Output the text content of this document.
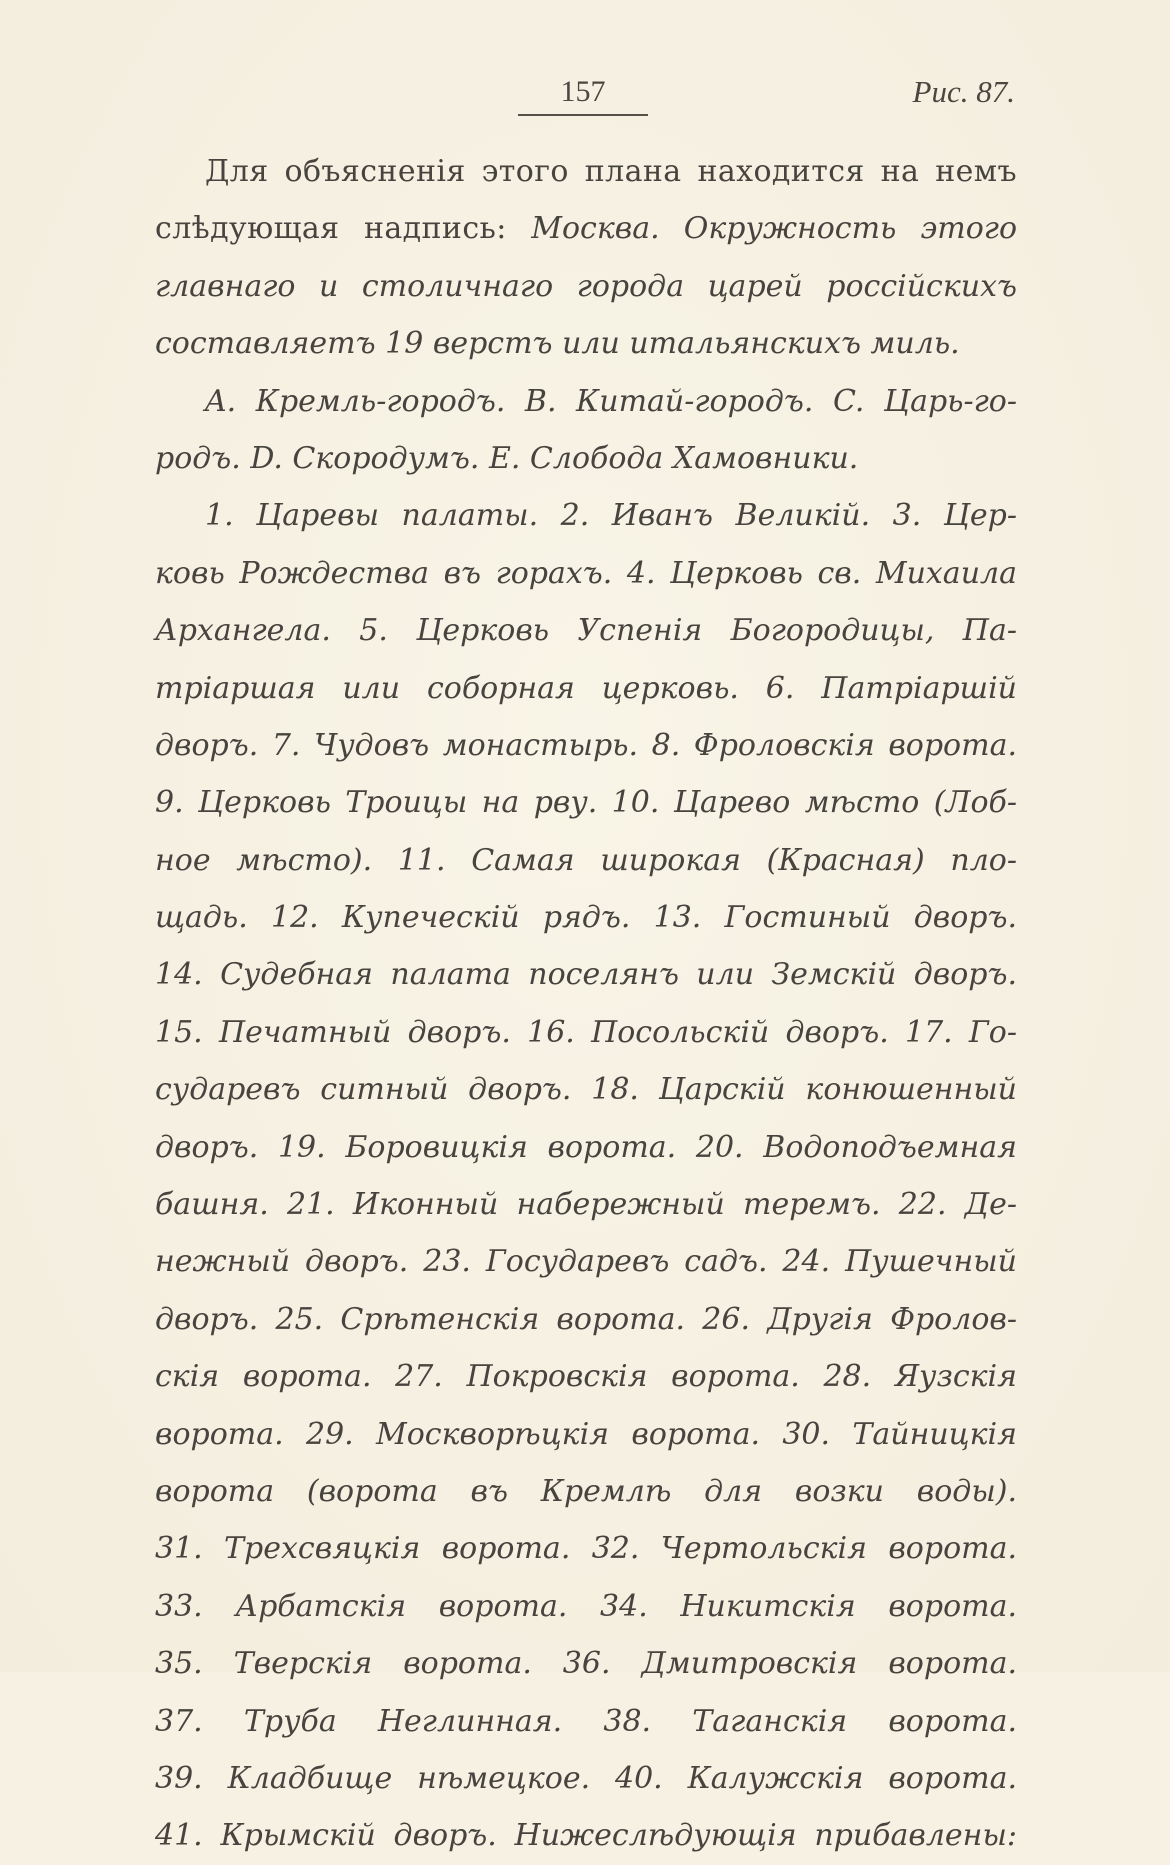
157	Рис. 87.
Для объясненія этого плана находится на немъ
слѣдующая надпись: Москва. Окружность этого
главнаго и столичнаго города царей россійскихъ
составляетъ 19 верстъ или итальянскихъ миль.
A. Кремль-городъ. B. Китай-городъ. C. Царь-го-
родъ. D. Скородумъ. E. Слобода Хамовники.
1. Царевы палаты. 2. Иванъ Великій. 3. Цер-
ковь Рождества въ горахъ. 4. Церковь св. Михаила
Архангела. 5. Церковь Успенія Богородицы, Па-
тріаршая или соборная церковь. 6. Патріаршій
дворъ. 7. Чудовъ монастырь. 8. Фроловскія ворота.
9. Церковь Троицы на рву. 10. Царево мѣсто (Лоб-
ное мѣсто). 11. Самая широкая (Красная) пло-
щадь. 12. Купеческій рядъ. 13. Гостиный дворъ.
14. Судебная палата поселянъ или Земскій дворъ.
15. Печатный дворъ. 16. Посольскій дворъ. 17. Го-
сударевъ ситный дворъ. 18. Царскій конюшенный
дворъ. 19. Боровицкія ворота. 20. Водоподъемная
башня. 21. Иконный набережный теремъ. 22. Де-
нежный дворъ. 23. Государевъ садъ. 24. Пушечный
дворъ. 25. Срѣтенскія ворота. 26. Другія Фролов-
скія ворота. 27. Покровскія ворота. 28. Яузскія
ворота. 29. Москворѣцкія ворота. 30. Тайницкія
ворота (ворота въ Кремлѣ для возки воды).
31. Трехсвяцкія ворота. 32. Чертольскія ворота.
33. Арбатскія ворота. 34. Никитскія ворота.
35. Тверскія ворота. 36. Дмитровскія ворота.
37. Труба Неглинная. 38. Таганскія ворота.
39. Кладбище нѣмецкое. 40. Калужскія ворота.
41. Крымскій дворъ. Нижеслѣдующія прибавлены:
